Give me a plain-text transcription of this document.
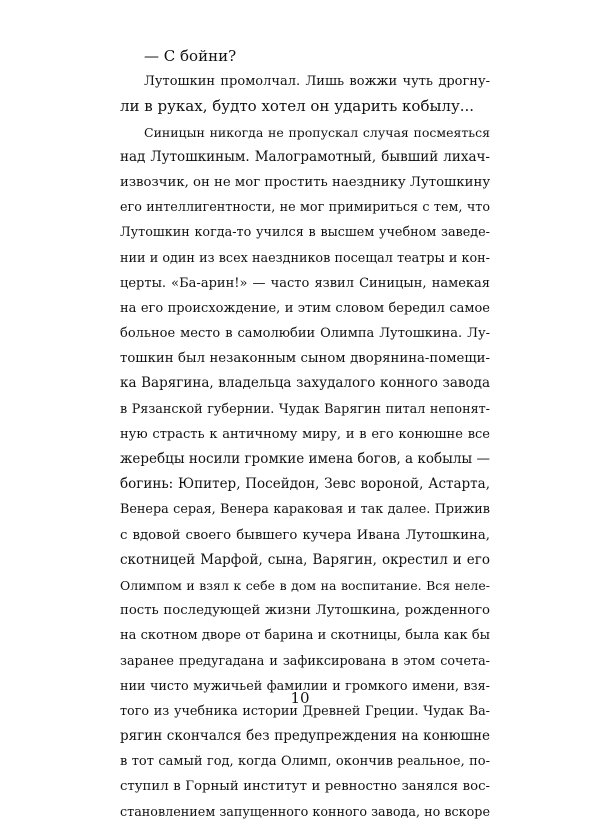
— С бойни?
Лутошкин промолчал. Лишь вожжи чуть дрогну-
ли в руках, будто хотел он ударить кобылу...
Синицын никогда не пропускал случая посмеяться
над Лутошкиным. Малограмотный, бывший лихач-
извозчик, он не мог простить наезднику Лутошкину
его интеллигентности, не мог примириться с тем, что
Лутошкин когда-то учился в высшем учебном заведе-
нии и один из всех наездников посещал театры и кон-
церты. «Ба-арин!» — часто язвил Синицын, намекая
на его происхождение, и этим словом бередил самое
больное место в самолюбии Олимпа Лутошкина. Лу-
тошкин был незаконным сыном дворянина-помещи-
ка Варягина, владельца захудалого конного завода
в Рязанской губернии. Чудак Варягин питал непонят-
ную страсть к античному миру, и в его конюшне все
жеребцы носили громкие имена богов, а кобылы —
богинь: Юпитер, Посейдон, Зевс вороной, Астарта,
Венера серая, Венера караковая и так далее. Прижив
с вдовой своего бывшего кучера Ивана Лутошкина,
скотницей Марфой, сына, Варягин, окрестил и его
Олимпом и взял к себе в дом на воспитание. Вся неле-
пость последующей жизни Лутошкина, рожденного
на скотном дворе от барина и скотницы, была как бы
заранее предугадана и зафиксирована в этом сочета-
нии чисто мужичьей фамилии и громкого имени, взя-
того из учебника истории Древней Греции. Чудак Ва-
рягин скончался без предупреждения на конюшне
в тот самый год, когда Олимп, окончив реальное, по-
ступил в Горный институт и ревностно занялся вос-
становлением запущенного конного завода, но вскоре
10
